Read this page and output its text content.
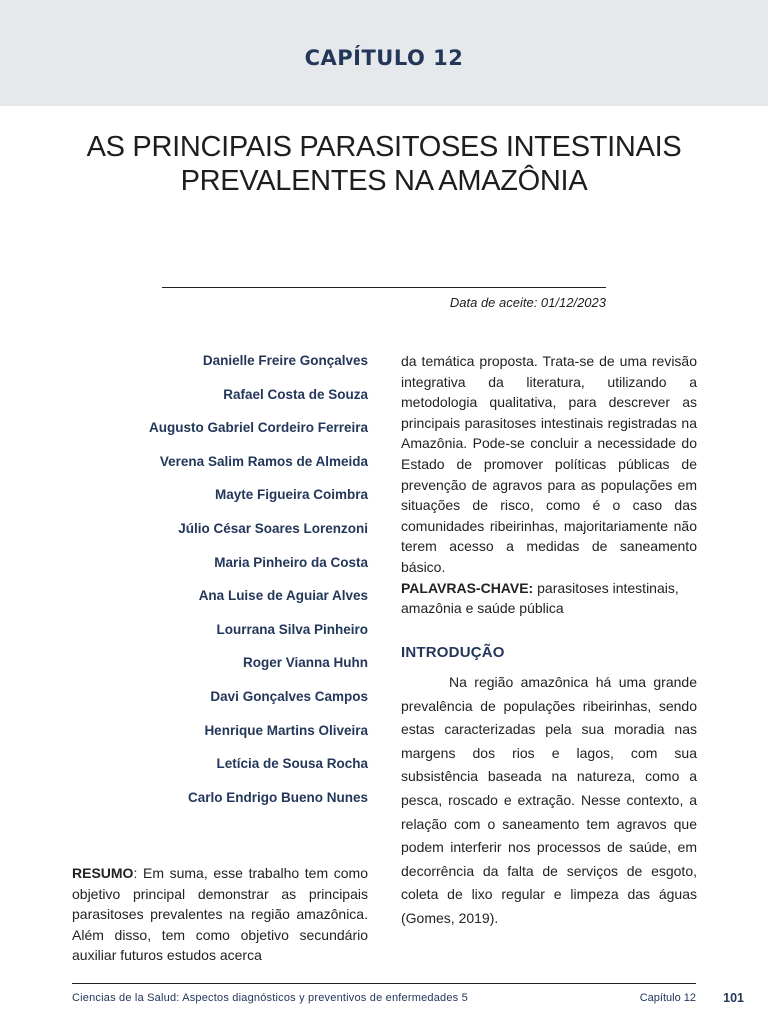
CAPÍTULO 12
AS PRINCIPAIS PARASITOSES INTESTINAIS
PREVALENTES NA AMAZÔNIA
Data de aceite: 01/12/2023
Danielle Freire Gonçalves
Rafael Costa de Souza
Augusto Gabriel Cordeiro Ferreira
Verena Salim Ramos de Almeida
Mayte Figueira Coimbra
Júlio César Soares Lorenzoni
Maria Pinheiro da Costa
Ana Luise de Aguiar Alves
Lourrana Silva Pinheiro
Roger Vianna Huhn
Davi Gonçalves Campos
Henrique Martins Oliveira
Letícia de Sousa Rocha
Carlo Endrigo Bueno Nunes
RESUMO: Em suma, esse trabalho tem como objetivo principal demonstrar as principais parasitoses prevalentes na região amazônica. Além disso, tem como objetivo secundário auxiliar futuros estudos acerca
da temática proposta. Trata-se de uma revisão integrativa da literatura, utilizando a metodologia qualitativa, para descrever as principais parasitoses intestinais registradas na Amazônia. Pode-se concluir a necessidade do Estado de promover políticas públicas de prevenção de agravos para as populações em situações de risco, como é o caso das comunidades ribeirinhas, majoritariamente não terem acesso a medidas de saneamento básico.
PALAVRAS-CHAVE: parasitoses intestinais, amazônia e saúde pública
INTRODUÇÃO
Na região amazônica há uma grande prevalência de populações ribeirinhas, sendo estas caracterizadas pela sua moradia nas margens dos rios e lagos, com sua subsistência baseada na natureza, como a pesca, roscado e extração. Nesse contexto, a relação com o saneamento tem agravos que podem interferir nos processos de saúde, em decorrência da falta de serviços de esgoto, coleta de lixo regular e limpeza das águas (Gomes, 2019).
Ciencias de la Salud: Aspectos diagnósticos y preventivos de enfermedades 5	Capítulo 12 101
